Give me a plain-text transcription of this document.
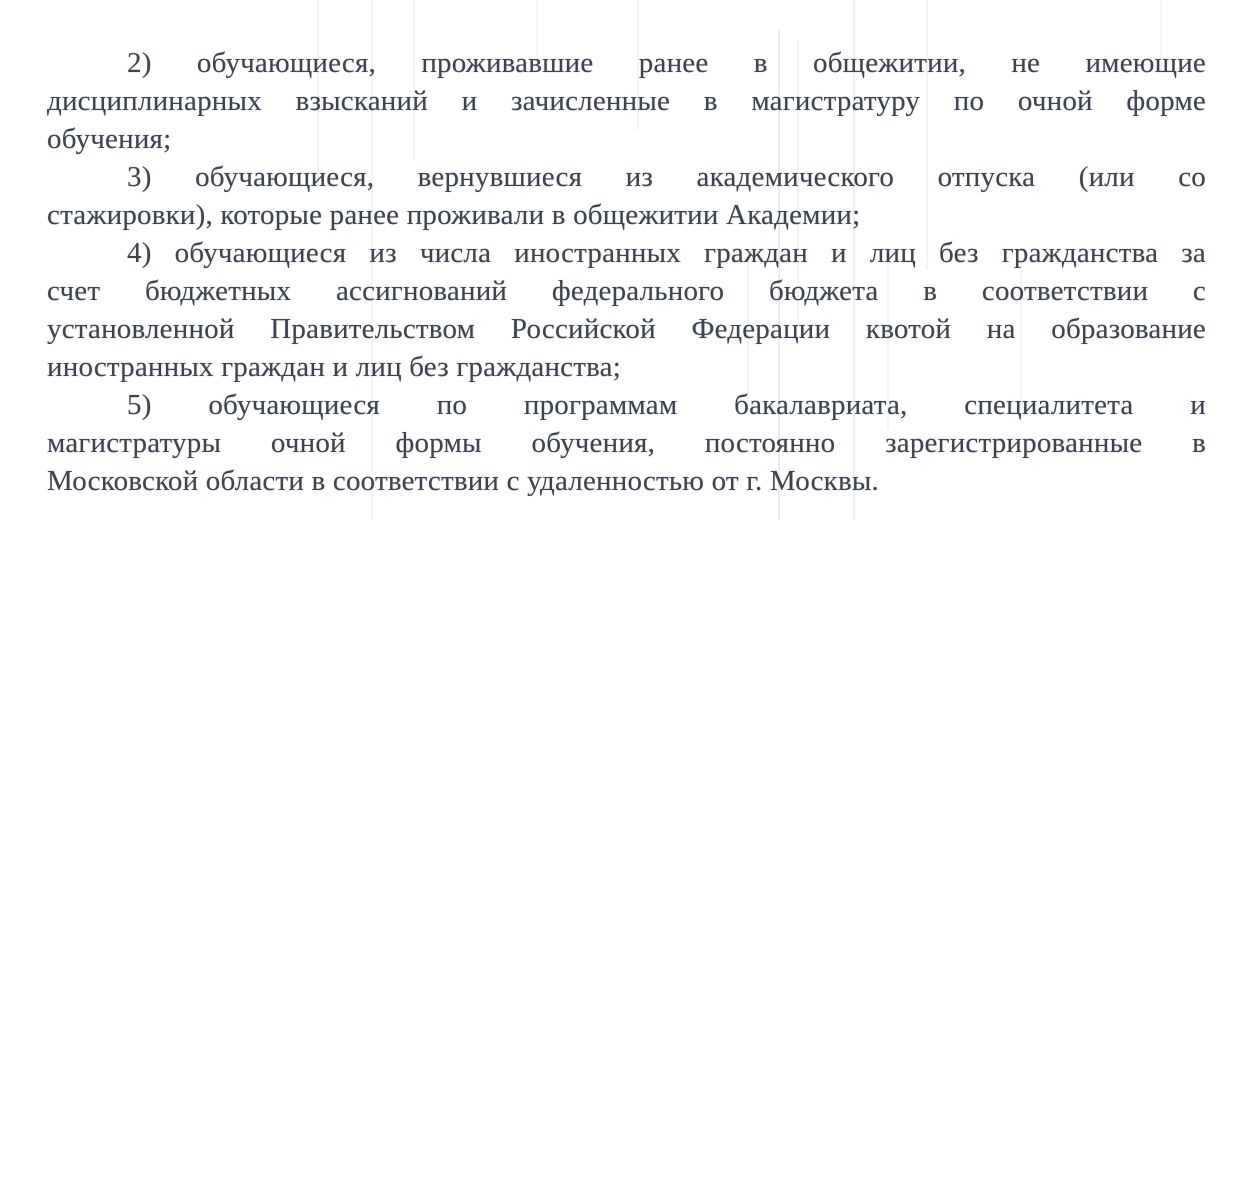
2) обучающиеся, проживавшие ранее в общежитии, не имеющие
дисциплинарных взысканий и зачисленные в магистратуру по очной форме
обучения;

3) обучающиеся, вернувшиеся из академического отпуска (или со
стажировки), которые ранее проживали в общежитии Академии;

4) обучающиеся из числа иностранных граждан и лиц без гражданства за
счет бюджетных ассигнований федерального бюджета в соответствии с
установленной Правительством Российской Федерации квотой на образование
иностранных граждан и лиц без гражданства;

5) обучающиеся по программам бакалавриата, специалитета и
магистратуры очной формы обучения, постоянно зарегистрированные в
Московской области в соответствии с удаленностью от г. Москвы.
